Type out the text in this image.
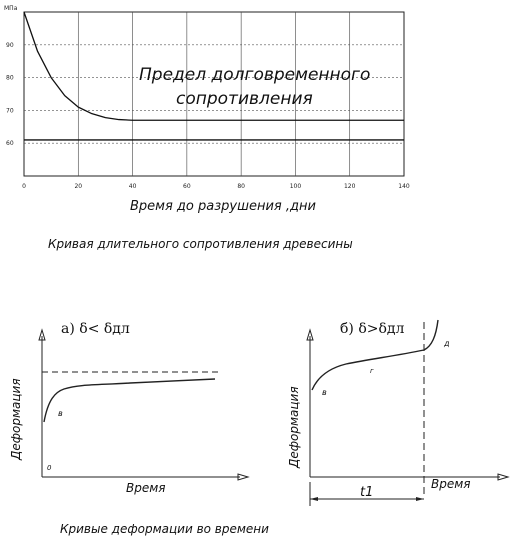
0	20	40	60	80	100	120	140
60
70
80
90
МПа
Предел долговременного
сопротивления
Время до разрушения ,дни
Кривая длительного сопротивления древесины
а) δ< δдл
Деформация
Время
0
в
t1
б) δ>δдл
Деформация
Время
в
г
д
Кривые деформации во времени
